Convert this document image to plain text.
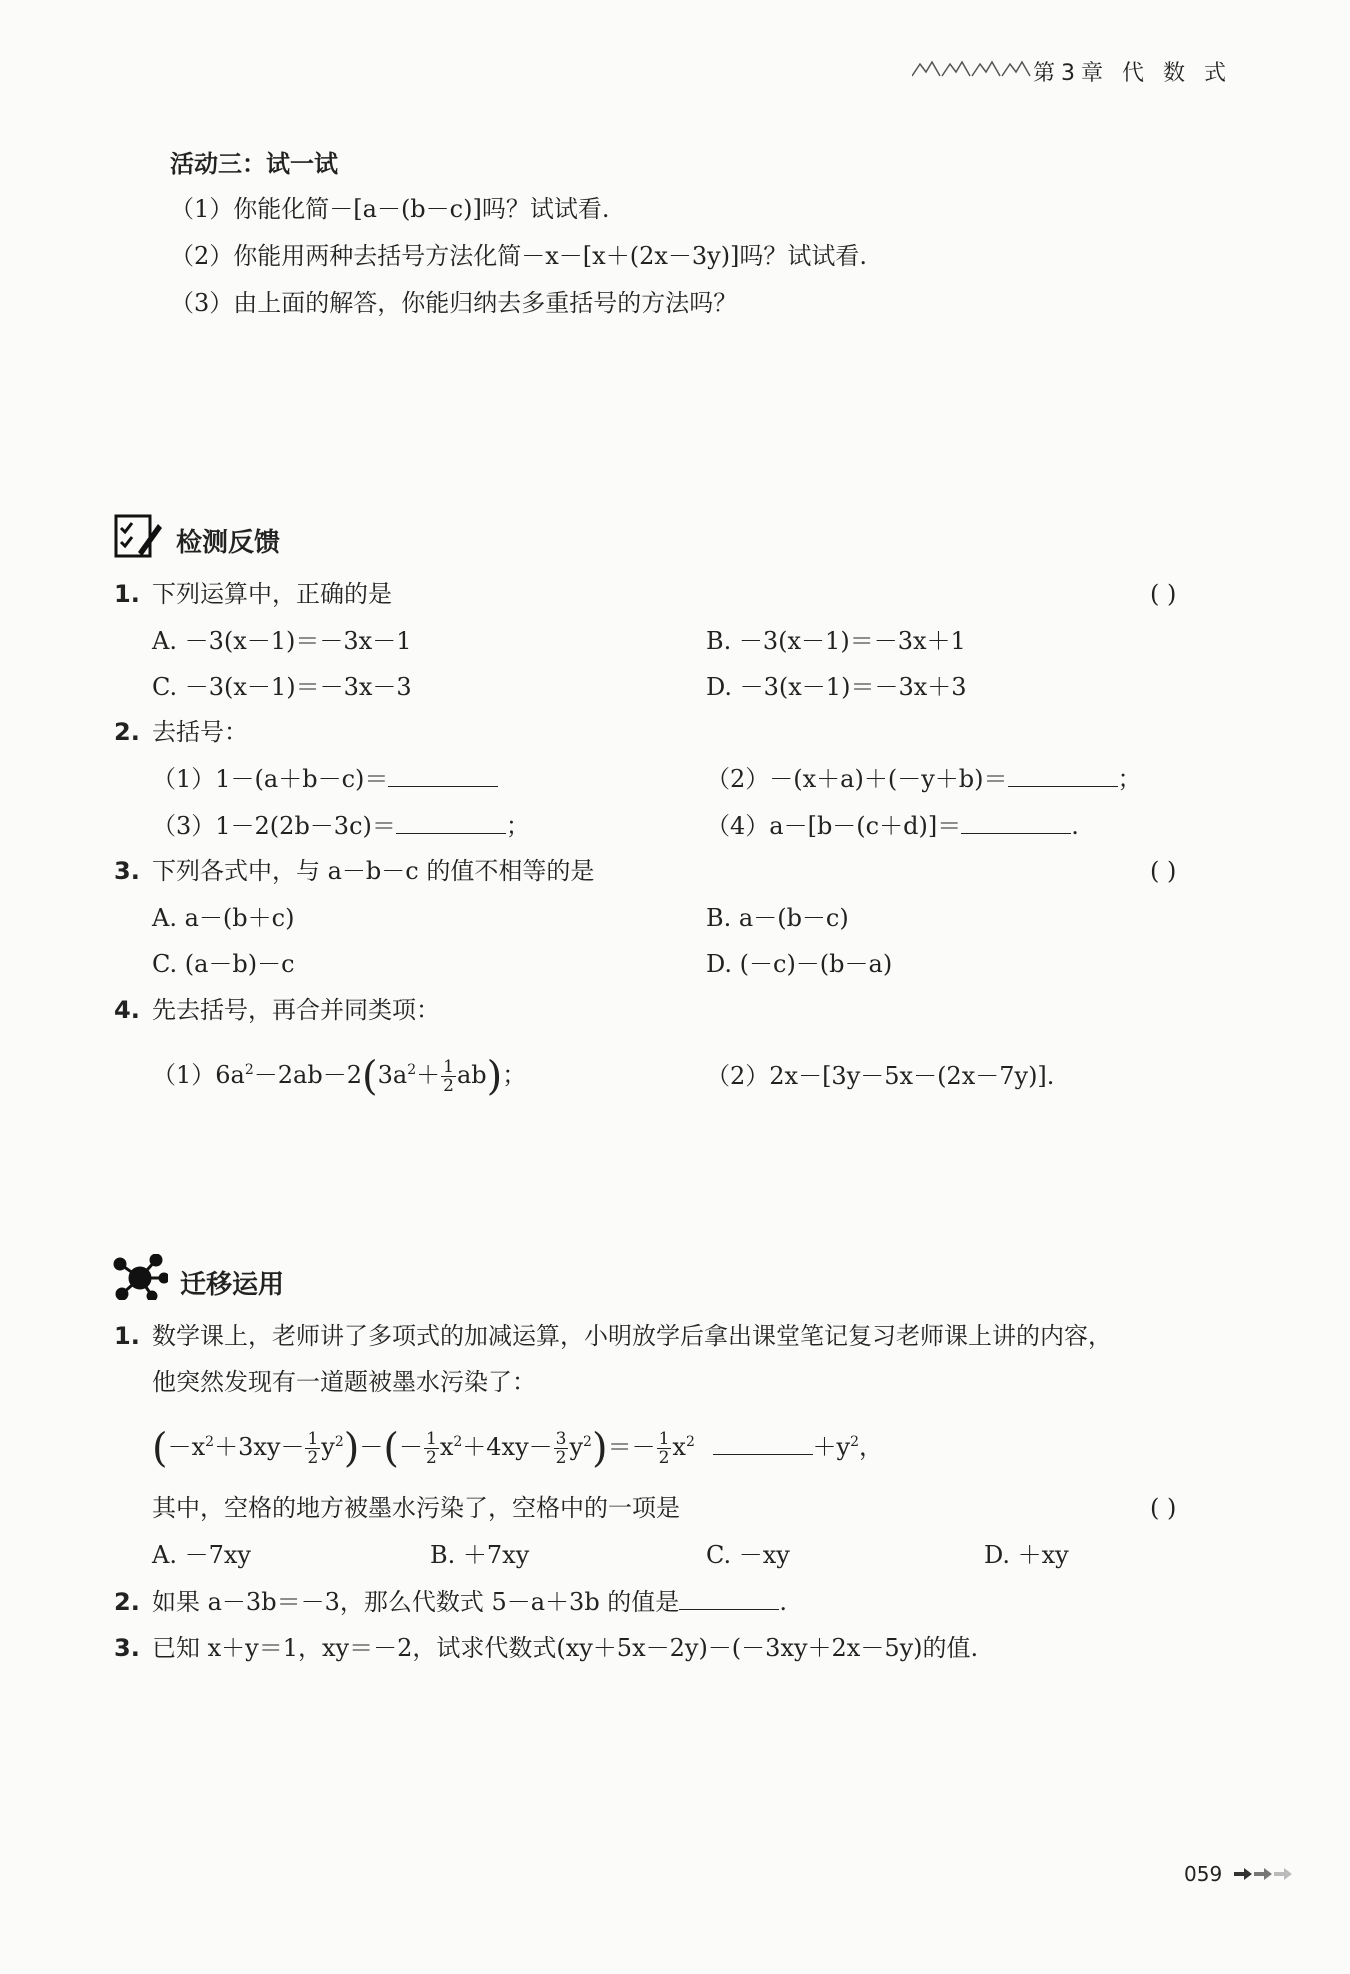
第3章 代 数 式
活动三：试一试
（1）你能化简－[a－(b－c)]吗？试试看.
（2）你能用两种去括号方法化简－x－[x＋(2x－3y)]吗？试试看.
（3）由上面的解答，你能归纳去多重括号的方法吗？
检测反馈
1. 下列运算中，正确的是	( )
A. －3(x－1)＝－3x－1	B. －3(x－1)＝－3x＋1
C. －3(x－1)＝－3x－3	D. －3(x－1)＝－3x＋3
2. 去括号：
（1）1－(a＋b－c)＝	（2）－(x＋a)＋(－y＋b)＝	；
（3）1－2(2b－3c)＝	；	（4）a－[b－(c＋d)]＝	.
3. 下列各式中，与 a－b－c 的值不相等的是	( )
A. a－(b＋c)	B. a－(b－c)
C. (a－b)－c	D. (－c)－(b－a)
4. 先去括号，再合并同类项：
$(1)6a^2-2ab-2(3a^2+ \frac{1}{2} ab)$；	（2）2x－[3y－5x－(2x－7y)].
迁移运用
1. 数学课上，老师讲了多项式的加减运算，小明放学后拿出课堂笔记复习老师课上讲的内容，
他突然发现有一道题被墨水污染了：
$(-x^2+3xy- \frac{1}{2} y^2)-(- \frac{1}{2} x^2+4xy- \frac{3}{2} y^2)=- \frac{1}{2} x^2$	$+y^2$，
其中，空格的地方被墨水污染了，空格中的一项是	( )
A. －7xy	B. ＋7xy	C. －xy	D. ＋xy
2. 如果 a－3b＝－3，那么代数式 5－a＋3b 的值是	.
3. 已知 x＋y＝1，xy＝－2，试求代数式(xy＋5x－2y)－(－3xy＋2x－5y)的值.
059
